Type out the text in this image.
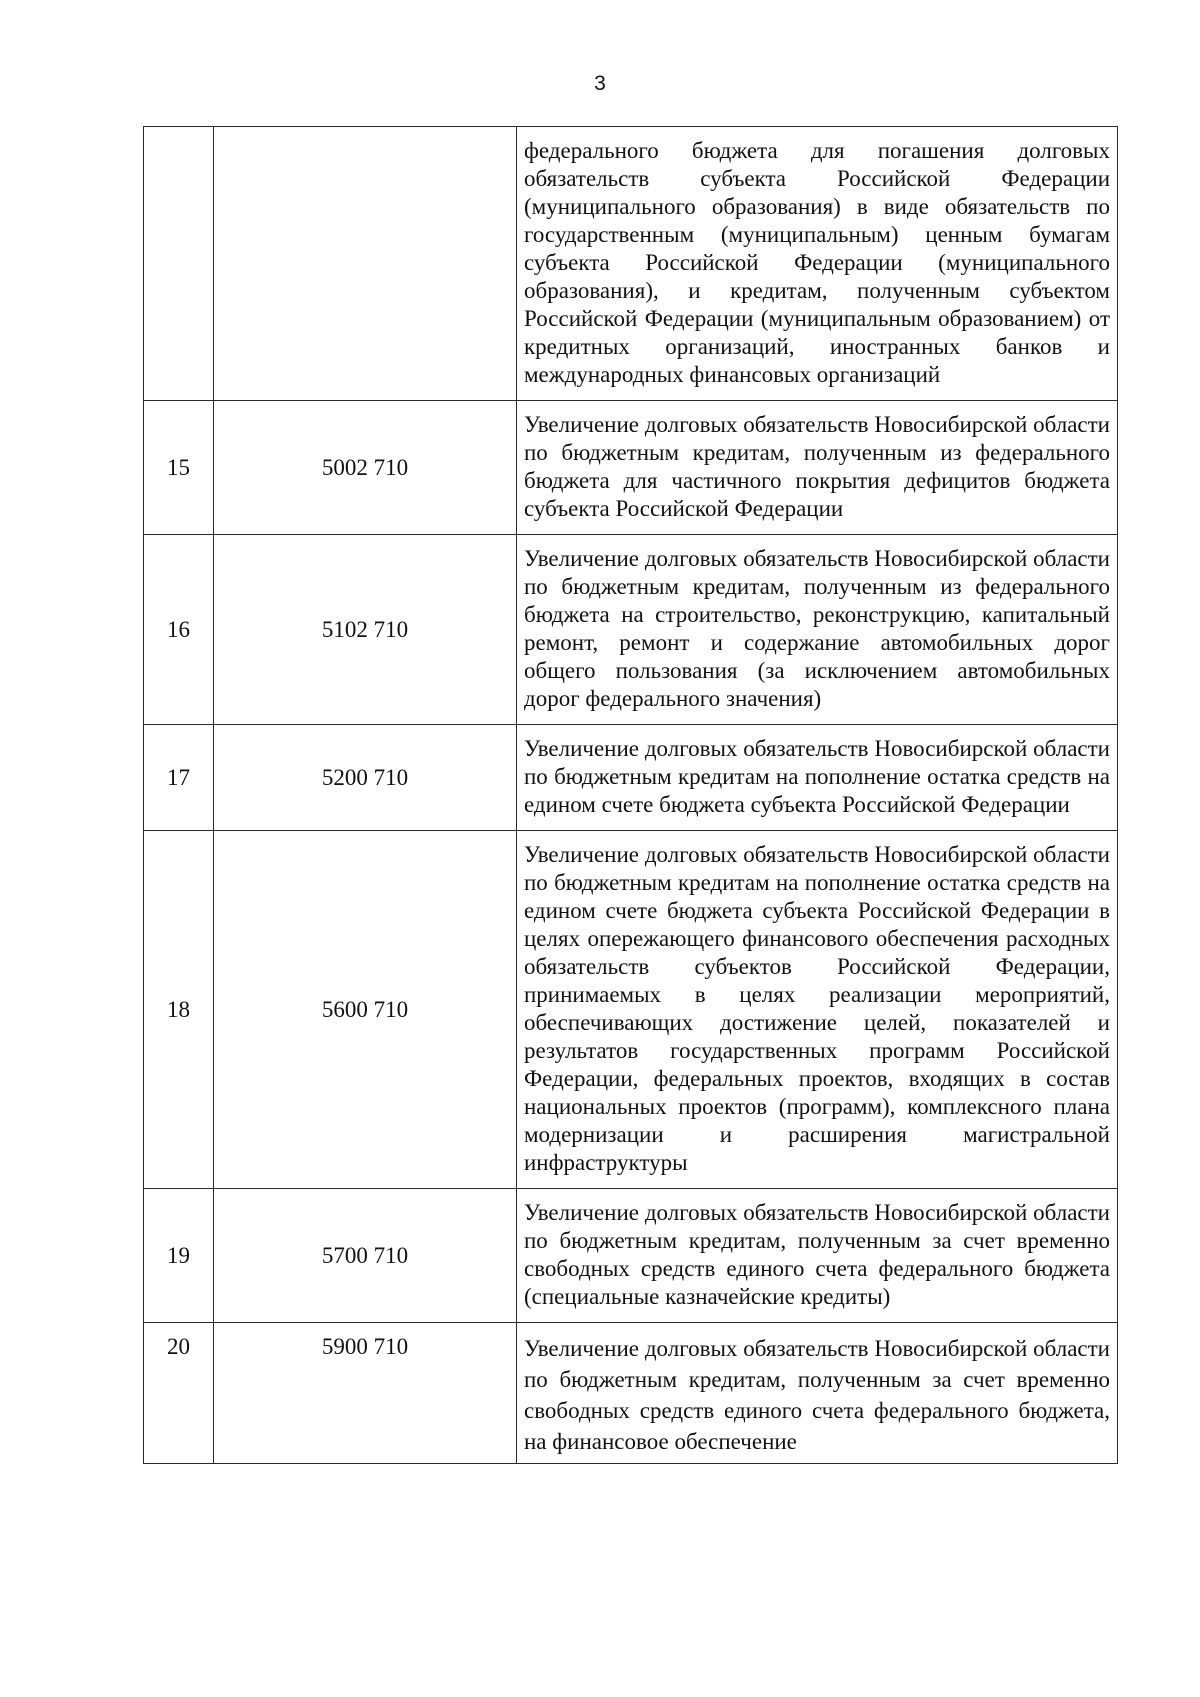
3
		федерального бюджета для погашения долговых обязательств субъекта Российской Федерации (муниципального образования) в виде обязательств по государственным (муниципальным) ценным бумагам субъекта Российской Федерации (муниципального образования), и кредитам, полученным субъектом Российской Федерации (муниципальным образованием) от кредитных организаций, иностранных банков и международных финансовых организаций
15	5002 710	Увеличение долговых обязательств Новосибирской области по бюджетным кредитам, полученным из федерального бюджета для частичного покрытия дефицитов бюджета субъекта Российской Федерации
16	5102 710	Увеличение долговых обязательств Новосибирской области по бюджетным кредитам, полученным из федерального бюджета на строительство, реконструкцию, капитальный ремонт, ремонт и содержание автомобильных дорог общего пользования (за исключением автомобильных дорог федерального значения)
17	5200 710	Увеличение долговых обязательств Новосибирской области по бюджетным кредитам на пополнение остатка средств на едином счете бюджета субъекта Российской Федерации
18	5600 710	Увеличение долговых обязательств Новосибирской области по бюджетным кредитам на пополнение остатка средств на едином счете бюджета субъекта Российской Федерации в целях опережающего финансового обеспечения расходных обязательств субъектов Российской Федерации, принимаемых в целях реализации мероприятий, обеспечивающих достижение целей, показателей и результатов государственных программ Российской Федерации, федеральных проектов, входящих в состав национальных проектов (программ), комплексного плана модернизации и расширения магистральной инфраструктуры
19	5700 710	Увеличение долговых обязательств Новосибирской области по бюджетным кредитам, полученным за счет временно свободных средств единого счета федерального бюджета (специальные казначейские кредиты)
20	5900 710	Увеличение долговых обязательств Новосибирской области по бюджетным кредитам, полученным за счет временно свободных средств единого счета федерального бюджета, на финансовое обеспечение
